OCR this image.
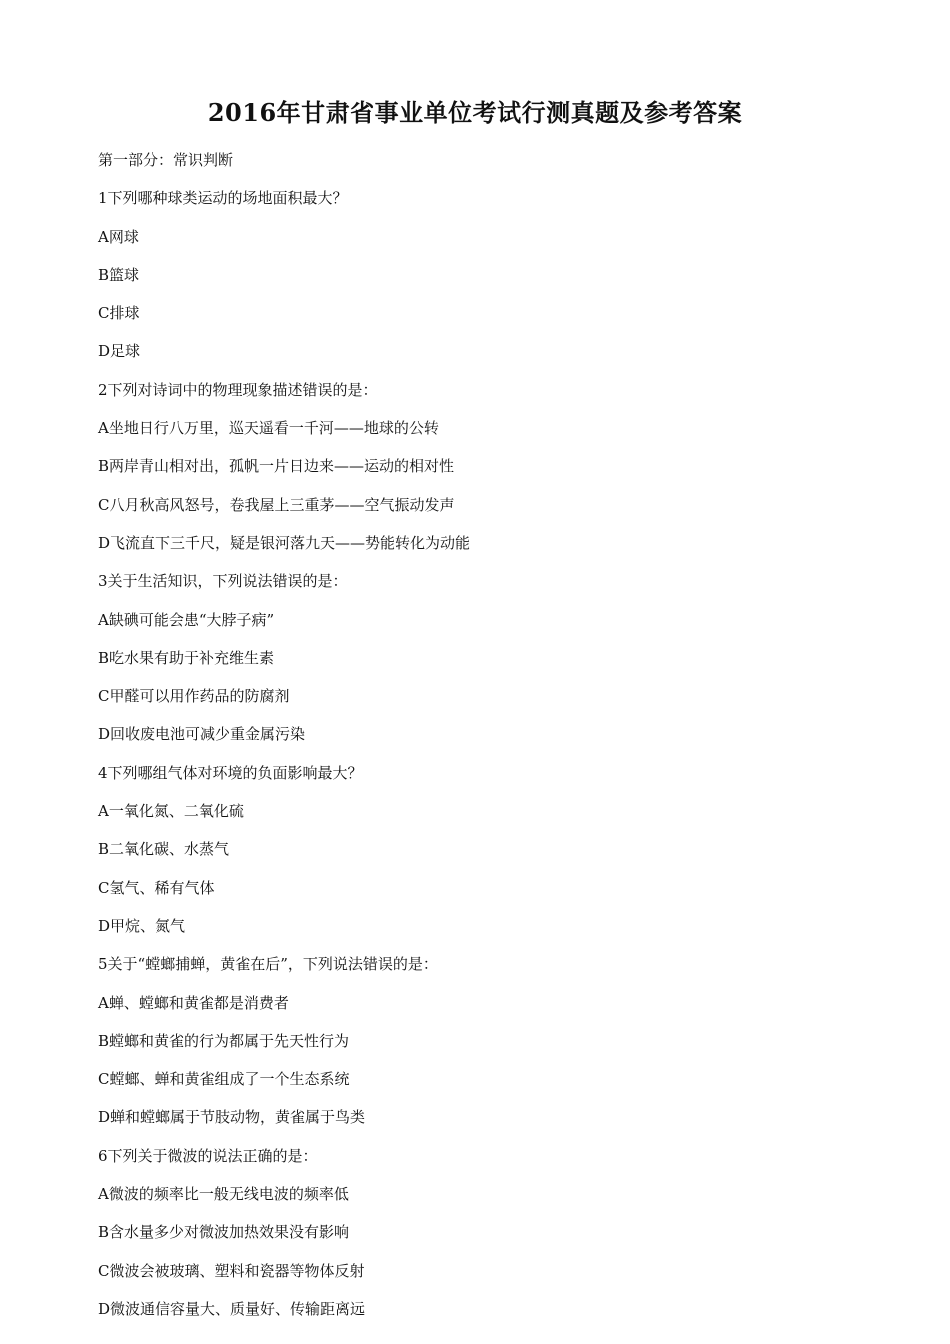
2016年甘肃省事业单位考试行测真题及参考答案
第一部分：常识判断
1下列哪种球类运动的场地面积最大？
A网球
B篮球
C排球
D足球
2下列对诗词中的物理现象描述错误的是：
A坐地日行八万里，巡天遥看一千河——地球的公转
B两岸青山相对出，孤帆一片日边来——运动的相对性
C八月秋高风怒号，卷我屋上三重茅——空气振动发声
D飞流直下三千尺，疑是银河落九天——势能转化为动能
3关于生活知识，下列说法错误的是：
A缺碘可能会患“大脖子病”
B吃水果有助于补充维生素
C甲醛可以用作药品的防腐剂
D回收废电池可减少重金属污染
4下列哪组气体对环境的负面影响最大？
A一氧化氮、二氧化硫
B二氧化碳、水蒸气
C氢气、稀有气体
D甲烷、氮气
5关于“螳螂捕蝉，黄雀在后”，下列说法错误的是：
A蝉、螳螂和黄雀都是消费者
B螳螂和黄雀的行为都属于先天性行为
C螳螂、蝉和黄雀组成了一个生态系统
D蝉和螳螂属于节肢动物，黄雀属于鸟类
6下列关于微波的说法正确的是：
A微波的频率比一般无线电波的频率低
B含水量多少对微波加热效果没有影响
C微波会被玻璃、塑料和瓷器等物体反射
D微波通信容量大、质量好、传输距离远
